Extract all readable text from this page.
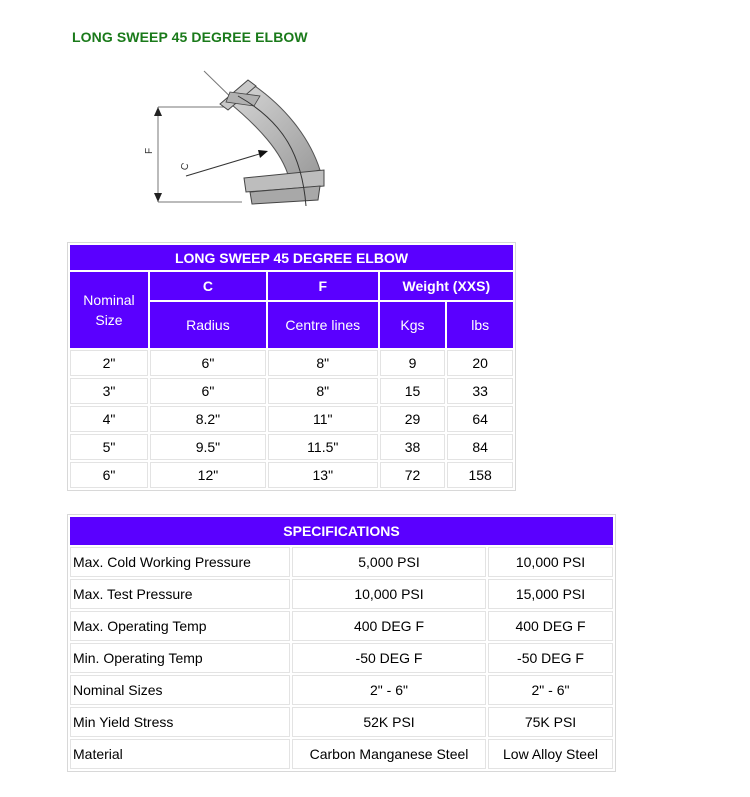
LONG SWEEP 45 DEGREE ELBOW
F
C
LONG SWEEP 45 DEGREE ELBOW				

Nominal
Size	C	F	Weight (XXS)	
	Radius	Centre lines	Kgs	lbs
2"	6"	8"	9	20
3"	6"	8"	15	33
4"	8.2"	11"	29	64
5"	9.5"	11.5"	38	84
6"	12"	13"	72	158
SPECIFICATIONS		
Max. Cold Working Pressure	5,000 PSI	10,000 PSI
Max. Test Pressure	10,000 PSI	15,000 PSI
Max. Operating Temp	400 DEG F	400 DEG F
Min. Operating Temp	-50 DEG F	-50 DEG F
Nominal Sizes	2" - 6"	2" - 6"
Min Yield Stress	52K PSI	75K PSI
Material	Carbon Manganese Steel	Low Alloy Steel
